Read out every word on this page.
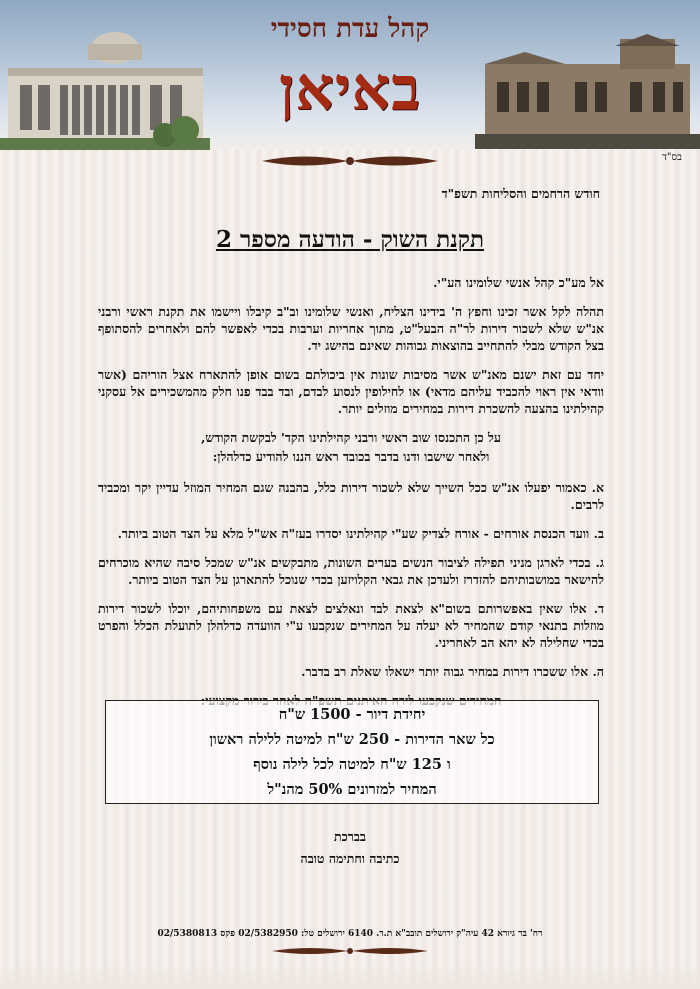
קהל עדת חסידי
באיאן
בס"ד
חודש הרחמים והסליחות תשפ"ד
תקנת השוק - הודעה מספר 2

אל מע"כ קהל אנשי שלומינו הע"י.

תהלה לקל אשר זכינו וחפץ ה' בידינו הצליח, ואנשי שלומינו וב"ב קיבלו ויישמו את תקנת ראשי ורבני אנ"ש שלא לשכור דירות לר"ה הבעל"ט, מתוך אחריות וערבות בכדי לאפשר להם ולאחרים להסתופף בצל הקודש מבלי להתחייב בהוצאות גבוהות שאינם בהישג יד.

יחד עם זאת ישנם מאנ"ש אשר מסיבות שונות אין ביכולתם בשום אופן להתארח אצל הוריהם (אשר וודאי אין ראוי להכביד עליהם מדאי) או לחילופין לנסוע לבדם, ובד בבד פנו חלק מהמשכירים אל עסקני קהילתינו בהצעה להשכרת דירות במחירים מוזלים יותר.

על כן התכנסו שוב ראשי ורבני קהילתינו הקד' לבקשת הקודש,

ולאחר שישבו ודנו בדבר בכובד ראש הננו להודיע כדלהלן:

א. כאמור יפעלו אנ"ש ככל השייך שלא לשכור דירות כלל, בהבנה שגם המחיר המוזל עדיין יקר ומכביד לרבים.

ב. וועד הכנסת אורחים - אורח לצדיק שע"י קהילתינו יסדרו בעז"ה אש"ל מלא על הצד הטוב ביותר.

ג. בכדי לארגן מניני תפילה לציבור הנשים בערים השונות, מתבקשים אנ"ש שמכל סיבה שהיא מוכרחים להישאר במושבותיהם להזדרז ולעדכן את גבאי הקלויזען בכדי שנוכל להתארגן על הצד הטוב ביותר.

ד. אלו שאין באפשרותם בשום"א לצאת לבד ונאלצים לצאת עם משפחותיהם, יוכלו לשכור דירות מוזלות בתנאי קודם שהמחיר לא יעלה על המחירים שנקבעו ע"י הוועדה כדלהלן לתועלת הכלל והפרט בכדי שחלילה לא יהא הב לאחריני.

ה. אלו ששכרו דירות במחיר גבוה יותר ישאלו שאלת רב בדבר.

יחידת דיור - 1500 ש"ח
כל שאר הדירות - 250 ש"ח למיטה ללילה ראשון
ו 125 ש"ח למיטה לכל לילה נוסף
המחיר למזרונים 50% מהנ"ל
בברכת
כתיבה וחתימה טובה
רח' בר גיורא 42 עיה"ק ירושלים תובב"א ת.ד. 6140 ירושלים טל: 02/5382950 פקס 02/5380813
